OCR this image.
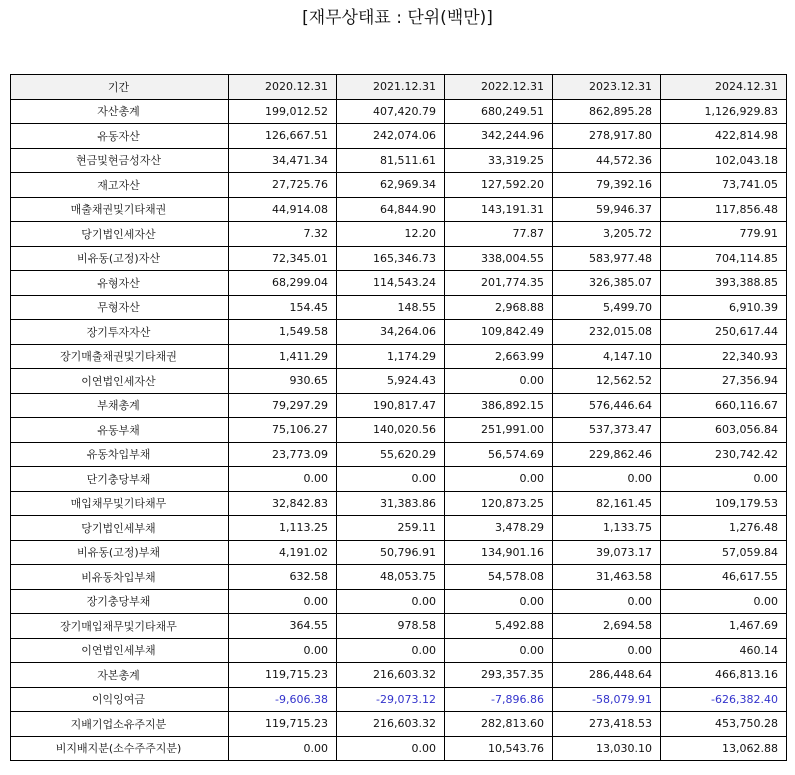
[재무상태표 : 단위(백만)]
기간	2020.12.31	2021.12.31	2022.12.31	2023.12.31	2024.12.31
자산총계	199,012.52	407,420.79	680,249.51	862,895.28	1,126,929.83
유동자산	126,667.51	242,074.06	342,244.96	278,917.80	422,814.98
현금및현금성자산	34,471.34	81,511.61	33,319.25	44,572.36	102,043.18
재고자산	27,725.76	62,969.34	127,592.20	79,392.16	73,741.05
매출채권및기타채권	44,914.08	64,844.90	143,191.31	59,946.37	117,856.48
당기법인세자산	7.32	12.20	77.87	3,205.72	779.91
비유동(고정)자산	72,345.01	165,346.73	338,004.55	583,977.48	704,114.85
유형자산	68,299.04	114,543.24	201,774.35	326,385.07	393,388.85
무형자산	154.45	148.55	2,968.88	5,499.70	6,910.39
장기투자자산	1,549.58	34,264.06	109,842.49	232,015.08	250,617.44
장기매출채권및기타채권	1,411.29	1,174.29	2,663.99	4,147.10	22,340.93
이연법인세자산	930.65	5,924.43	0.00	12,562.52	27,356.94
부채총계	79,297.29	190,817.47	386,892.15	576,446.64	660,116.67
유동부채	75,106.27	140,020.56	251,991.00	537,373.47	603,056.84
유동차입부채	23,773.09	55,620.29	56,574.69	229,862.46	230,742.42
단기충당부채	0.00	0.00	0.00	0.00	0.00
매입채무및기타채무	32,842.83	31,383.86	120,873.25	82,161.45	109,179.53
당기법인세부채	1,113.25	259.11	3,478.29	1,133.75	1,276.48
비유동(고정)부채	4,191.02	50,796.91	134,901.16	39,073.17	57,059.84
비유동차입부채	632.58	48,053.75	54,578.08	31,463.58	46,617.55
장기충당부채	0.00	0.00	0.00	0.00	0.00
장기매입채무및기타채무	364.55	978.58	5,492.88	2,694.58	1,467.69
이연법인세부채	0.00	0.00	0.00	0.00	460.14
자본총계	119,715.23	216,603.32	293,357.35	286,448.64	466,813.16
이익잉여금	-9,606.38	-29,073.12	-7,896.86	-58,079.91	-626,382.40
지배기업소유주지분	119,715.23	216,603.32	282,813.60	273,418.53	453,750.28
비지배지분(소수주주지분)	0.00	0.00	10,543.76	13,030.10	13,062.88
